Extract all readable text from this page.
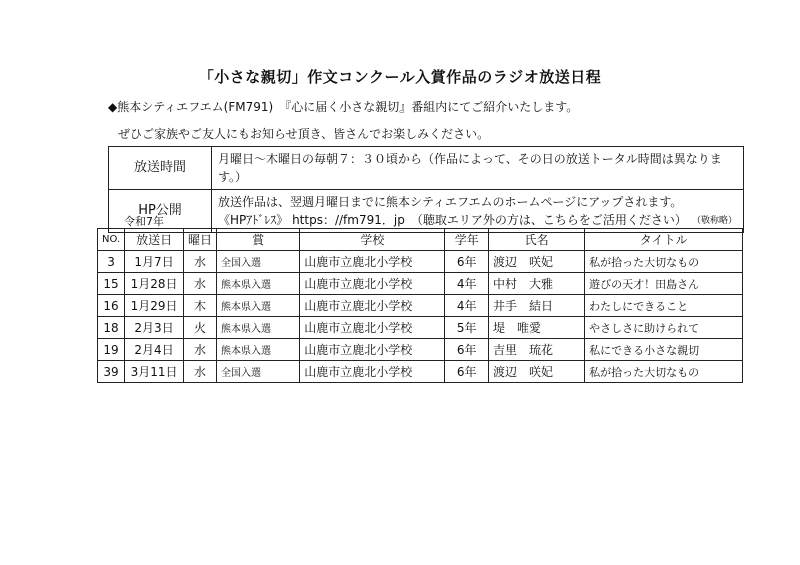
「小さな親切」作文コンクール入賞作品のラジオ放送日程
◆熊本シティエフエム(FM791)　『心に届く小さな親切』番組内にてご紹介いたします。
ぜひご家族やご友人にもお知らせ頂き、皆さんでお楽しみください。
放送時間	月曜日～木曜日の毎朝７：３０頃から（作品によって、その日の放送トータル時間は異なります。）
HP公開	放送作品は、翌週月曜日までに熊本シティエフエムのホームページにアップされます。
《HPｱﾄﾞﾚｽ》 https：//fm791．jp　（聴取エリア外の方は、こちらをご活用ください）
令和7年	（敬称略）
NO.	放送日	曜日	賞	学校	学年	氏名	タイトル
3	1月7日	水	全国入選	山鹿市立鹿北小学校	6年	渡辺　咲妃	私が拾った大切なもの
15	1月28日	水	熊本県入選	山鹿市立鹿北小学校	4年	中村　大雅	遊びの天才！田島さん
16	1月29日	木	熊本県入選	山鹿市立鹿北小学校	4年	井手　結日	わたしにできること
18	2月3日	火	熊本県入選	山鹿市立鹿北小学校	5年	堤　唯愛	やさしさに助けられて
19	2月4日	水	熊本県入選	山鹿市立鹿北小学校	6年	吉里　琉花	私にできる小さな親切
39	3月11日	水	全国入選	山鹿市立鹿北小学校	6年	渡辺　咲妃	私が拾った大切なもの
